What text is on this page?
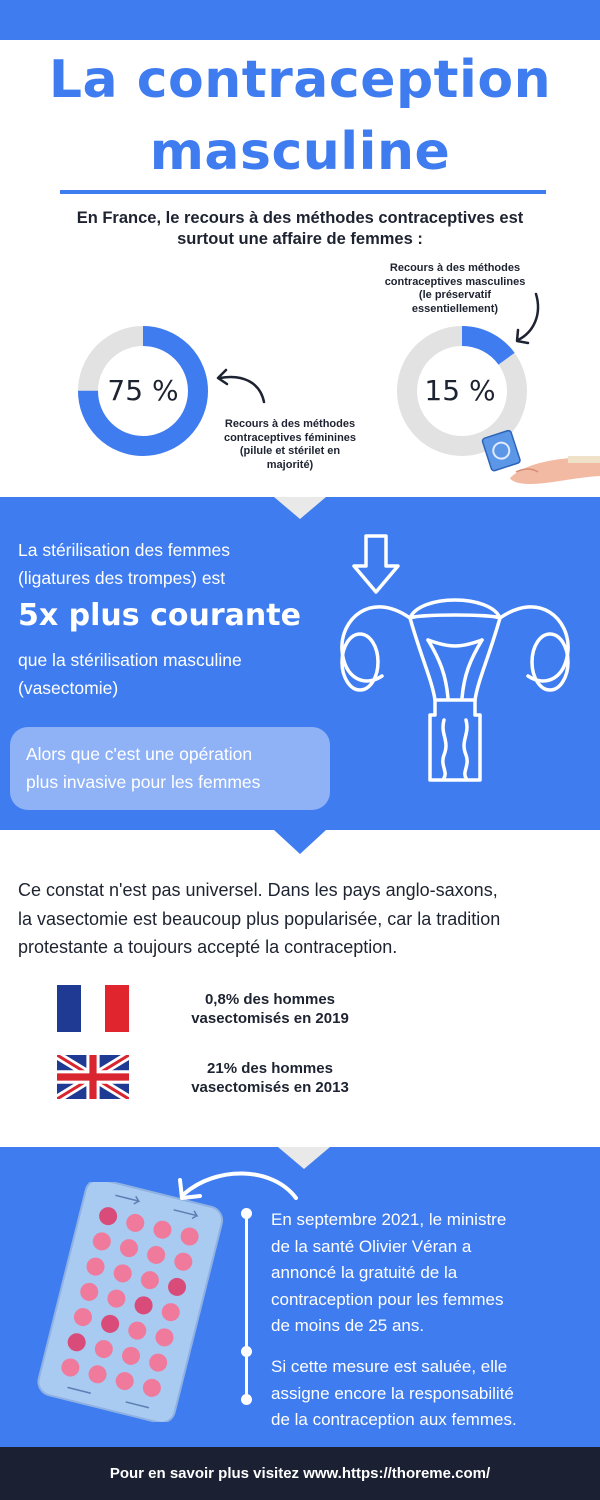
La contraception
masculine
En France, le recours à des méthodes contraceptives est
surtout une affaire de femmes :
75 %
Recours à des méthodes
contraceptives féminines
(pilule et stérilet en
majorité)
15 %
Recours à des méthodes
contraceptives masculines
(le préservatif
essentiellement)
La stérilisation des femmes
(ligatures des trompes) est
5x plus courante
que la stérilisation masculine
(vasectomie)
Alors que c'est une opération
plus invasive pour les femmes
Ce constat n'est pas universel. Dans les pays anglo-saxons,
la vasectomie est beaucoup plus popularisée, car la tradition
protestante a toujours accepté la contraception.
0,8% des hommes
vasectomisés en 2019
21% des hommes
vasectomisés en 2013
En septembre 2021, le ministre
de la santé Olivier Véran a
annoncé la gratuité de la
contraception pour les femmes
de moins de 25 ans.
Si cette mesure est saluée, elle
assigne encore la responsabilité
de la contraception aux femmes.
Pour en savoir plus visitez www.https://thoreme.com/
